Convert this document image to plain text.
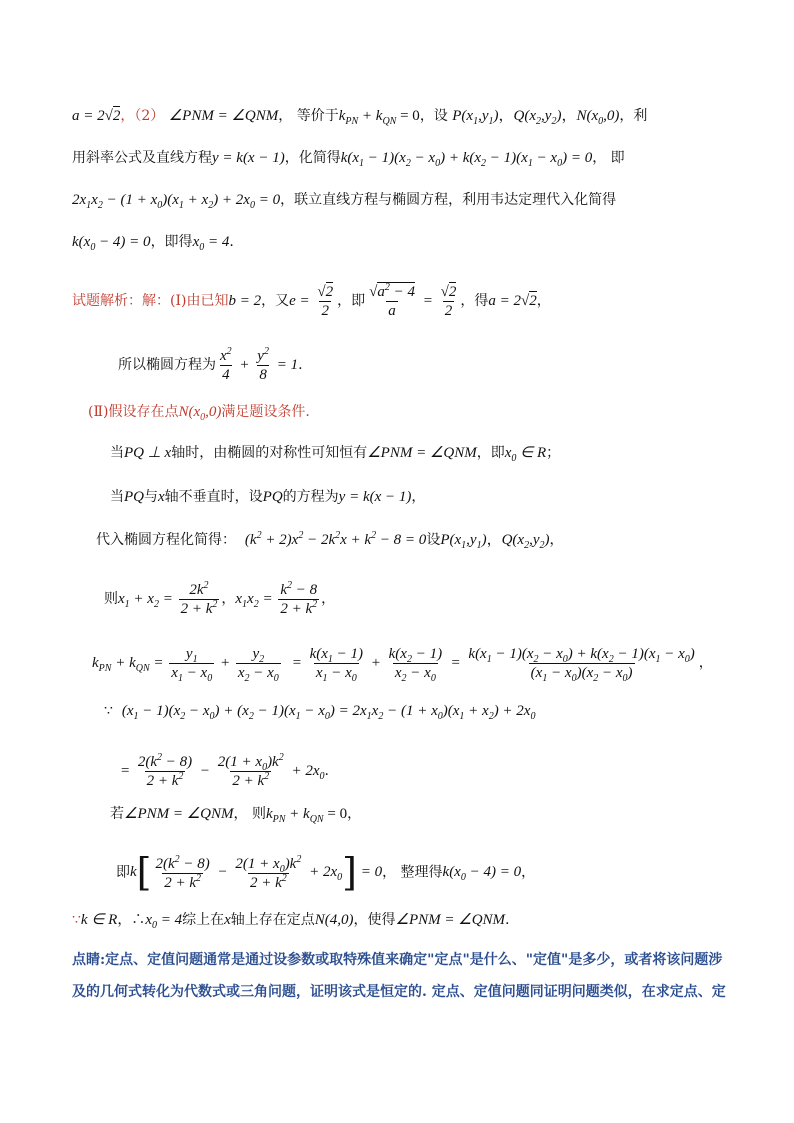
a = 2√2，（2） ∠PNM = ∠QNM， 等价于$k_{PN} + k_{QN} = 0$，设 $P(x_1,y_1)$，$Q(x_2,y_2)$，$N(x_0,0)$，利
用斜率公式及直线方程y = k(x − 1)，化简得$k(x_1 - 1)(x_2 - x_0) + k(x_2 - 1)(x_1 - x_0) = 0$， 即
$2x_1x_2 - (1 + x_0)(x_1 + x_2) + 2x_0 = 0$，联立直线方程与椭圆方程，利用韦达定理代入化简得
$k(x_0 - 4) = 0$，即得$x_0 = 4$.
试题解析：解：(Ⅰ)由已知b = 2，又$e = \frac{√2}{2}$ ，即 $\frac{√a^2 - 4}{a} = \frac{√2}{2}$ ，得a = 2√2，
所以椭圆方程为 $\frac{x^2}{4} + \frac{y^2}{8} = 1$.
(Ⅱ)假设存在点$N(x_0,0)$满足题设条件.
当PQ ⊥ x轴时，由椭圆的对称性可知恒有∠PNM = ∠QNM，即$x_0$ ∈ R；
当PQ与x轴不垂直时，设PQ的方程为y = k(x − 1)，
代入椭圆方程化简得： $(k^2 + 2)x^2 - 2k^2x + k^2 - 8 = 0$设$P(x_1,y_1)$，$Q(x_2,y_2)$，
则$x_1 + x_2 = \frac{2k^2}{2 + k^2}$ ，$x_1x_2 = \frac{k^2 - 8}{2 + k^2}$ ，
$k_{PN} + k_{QN} = \frac{y_1}{x_1 - x_0} + \frac{y_2}{x_2 - x_0} = \frac{k(x_1 - 1)}{x_1 - x_0} + \frac{k(x_2 - 1)}{x_2 - x_0} = \frac{k(x_1 - 1)(x_2 - x_0) + k(x_2 - 1)(x_1 - x_0)}{(x_1 - x_0)(x_2 - x_0)}$ ，
∵ $(x_1 - 1)(x_2 - x_0) + (x_2 - 1)(x_1 - x_0) = 2x_1x_2 - (1 + x_0)(x_1 + x_2) + 2x_0$
= $\frac{2(k^2 - 8)}{2 + k^2} - \frac{2(1 + x_0)k^2}{2 + k^2} + 2x_0$.
若∠PNM = ∠QNM， 则$k_{PN} + k_{QN} = 0$，
即$k[ \frac{2(k^2 - 8)}{2 + k^2} - \frac{2(1 + x_0)k^2}{2 + k^2} + 2x_0] = 0$， 整理得$k(x_0 - 4) = 0$，
∵k ∈ R，$\therefore x_0 = 4$综上在x轴上存在定点N(4,0)，使得∠PNM = ∠QNM.
点睛:定点、定值问题通常是通过设参数或取特殊值来确定"定点"是什么、"定值"是多少，或者将该问题涉
及的几何式转化为代数式或三角问题，证明该式是恒定的. 定点、定值问题同证明问题类似，在求定点、定
